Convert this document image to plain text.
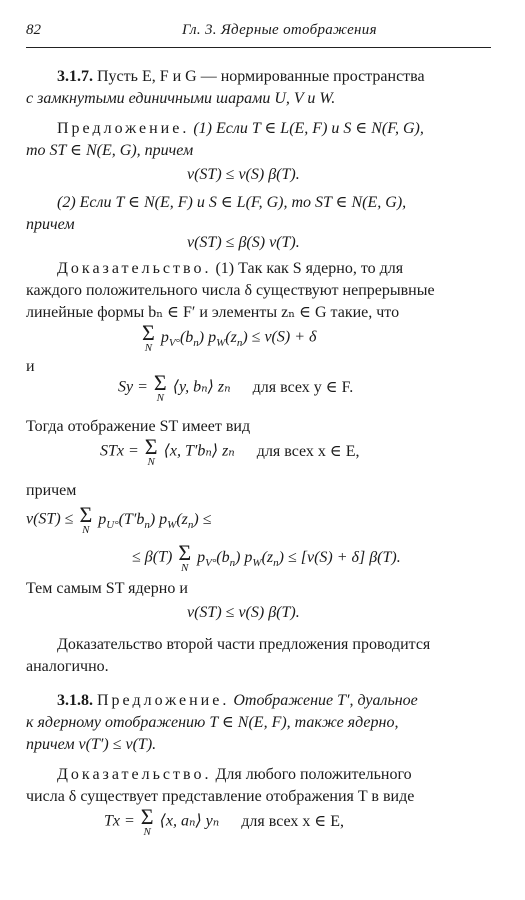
82	Гл. 3. Ядерные отображения
3.1.7. Пусть E, F и G — нормированные пространства
с замкнутыми единичными шарами U, V и W.
Предложение. (1) Если T ∈ L(E, F) и S ∈ N(F, G),
то ST ∈ N(E, G), причем
ν(ST) ≤ ν(S) β(T).
(2) Если T ∈ N(E, F) и S ∈ L(F, G), то ST ∈ N(E, G),
причем
ν(ST) ≤ β(S) ν(T).
Доказательство. (1) Так как S ядерно, то для
каждого положительного числа δ существуют непрерывные
линейные формы bₙ ∈ F′ и элементы zₙ ∈ G такие, что
Σ
N
$p_{V^\circ}(b_n) p_W(z_n) \le \nu(S) + \delta$
и
Sy = Σ
N
⟨y, bₙ⟩ zₙ для всех y ∈ F.
Тогда отображение ST имеет вид
STx = Σ
N
⟨x, T′bₙ⟩ zₙ для всех x ∈ E,
причем
ν(ST) ≤ Σ
N
$p_{U^\circ}(T'b_n) p_W(z_n)$ ≤
≤ β(T) Σ
N
$p_{V^\circ}(b_n) p_W(z_n) \le [\nu(S) + \delta]$ β(T).
Тем самым ST ядерно и
ν(ST) ≤ ν(S) β(T).
Доказательство второй части предложения проводится
аналогично.
3.1.8. Предложение. Отображение T′, дуальное
к ядерному отображению T ∈ N(E, F), также ядерно,
причем ν(T′) ≤ ν(T).
Доказательство. Для любого положительного
числа δ существует представление отображения T в виде
Tx = Σ
N
⟨x, aₙ⟩ yₙ для всех x ∈ E,
